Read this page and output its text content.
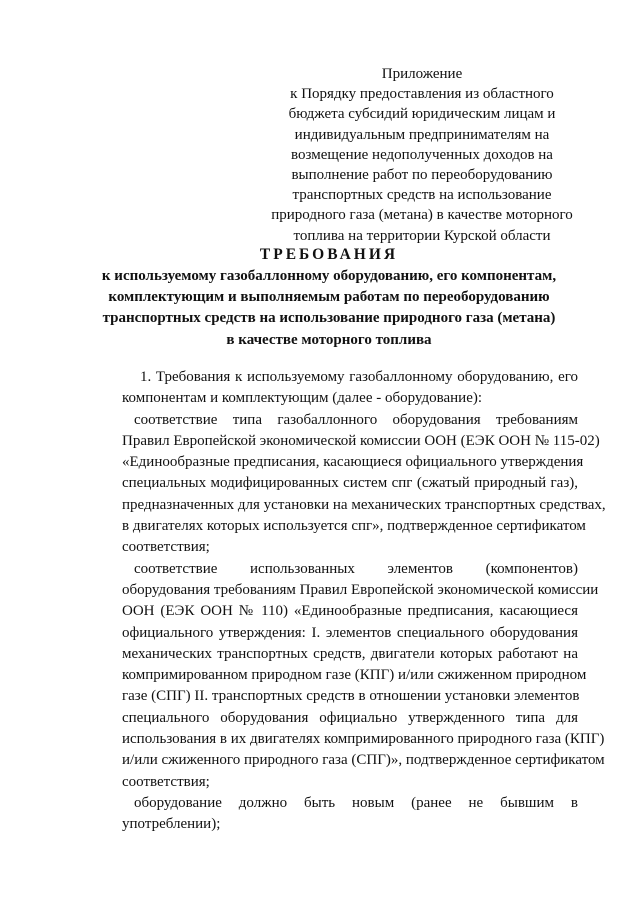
Приложение
к Порядку предоставления из областного
бюджета субсидий юридическим лицам и
индивидуальным предпринимателям на
возмещение недополученных доходов на
выполнение работ по переоборудованию
транспортных средств на использование
природного газа (метана) в качестве моторного
топлива на территории Курской области
ТРЕБОВАНИЯ
к используемому газобаллонному оборудованию, его компонентам,
комплектующим и выполняемым работам по переоборудованию
транспортных средств на использование природного газа (метана)
в качестве моторного топлива
1. Требования к используемому газобаллонному оборудованию, его
компонентам и комплектующим (далее - оборудование):
соответствие типа газобаллонного оборудования требованиям
Правил Европейской экономической комиссии ООН (ЕЭК ООН № 115-02)
«Единообразные предписания, касающиеся официального утверждения
специальных модифицированных систем спг (сжатый природный газ),
предназначенных для установки на механических транспортных средствах,
в двигателях которых используется спг», подтвержденное сертификатом
соответствия;
соответствие использованных элементов (компонентов)
оборудования требованиям Правил Европейской экономической комиссии
ООН (ЕЭК ООН № 110) «Единообразные предписания, касающиеся
официального утверждения: I. элементов специального оборудования
механических транспортных средств, двигатели которых работают на
компримированном природном газе (КПГ) и/или сжиженном природном
газе (СПГ) II. транспортных средств в отношении установки элементов
специального оборудования официально утвержденного типа для
использования в их двигателях компримированного природного газа (КПГ)
и/или сжиженного природного газа (СПГ)», подтвержденное сертификатом
соответствия;
оборудование должно быть новым (ранее не бывшим в
употреблении);
